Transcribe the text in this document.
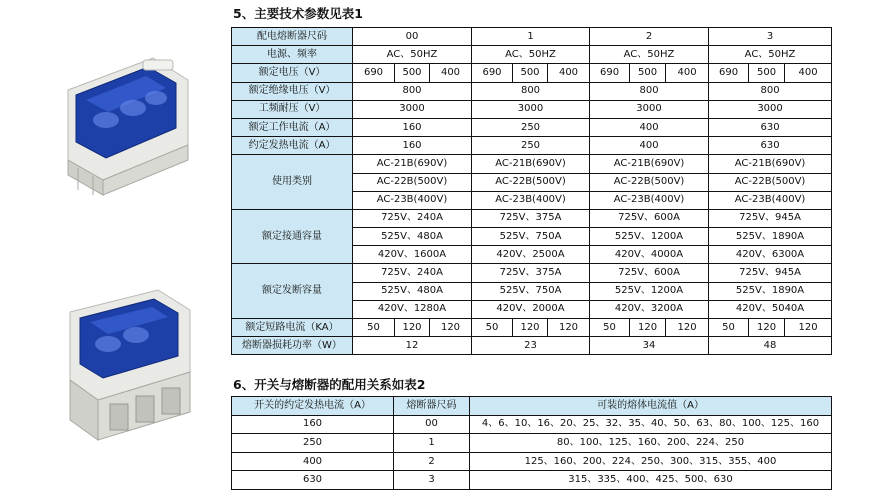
5、主要技术参数见表1
配电熔断器尺码	00			1			2			3		
电源、频率	AC、50HZ			AC、50HZ			AC、50HZ			AC、50HZ		
额定电压（V）	690	500	400	690	500	400	690	500	400	690	500	400
额定绝缘电压（V）	800			800			800			800		
工频耐压（V）	3000			3000			3000			3000		
额定工作电流（A）	160			250			400			630		
约定发热电流（A）	160			250			400			630		
使用类别	AC-21B(690V)			AC-21B(690V)			AC-21B(690V)			AC-21B(690V)		
	AC-22B(500V)			AC-22B(500V)			AC-22B(500V)			AC-22B(500V)		
	AC-23B(400V)			AC-23B(400V)			AC-23B(400V)			AC-23B(400V)		
额定接通容量	725V、240A			725V、375A			725V、600A			725V、945A		
	525V、480A			525V、750A			525V、1200A			525V、1890A		
	420V、1600A			420V、2500A			420V、4000A			420V、6300A		
额定发断容量	725V、240A			725V、375A			725V、600A			725V、945A		
	525V、480A			525V、750A			525V、1200A			525V、1890A		
	420V、1280A			420V、2000A			420V、3200A			420V、5040A		
额定短路电流（KA）	50	120	120	50	120	120	50	120	120	50	120	120
熔断器损耗功率（W）	12			23			34			48		
6、开关与熔断器的配用关系如表2
开关的约定发热电流（A）	熔断器尺码	可装的熔体电流值（A）
160	00	4、6、10、16、20、25、32、35、40、50、63、80、100、125、160
250	1	80、100、125、160、200、224、250
400	2	125、160、200、224、250、300、315、355、400
630	3	315、335、400、425、500、630
